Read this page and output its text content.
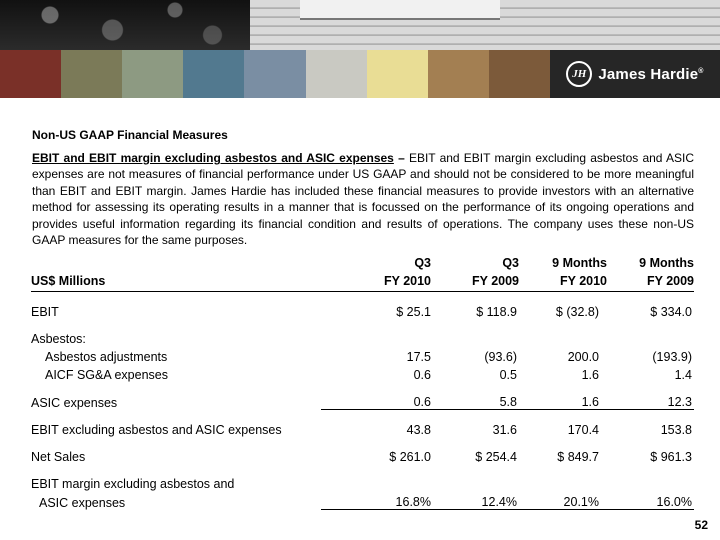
JH James Hardie®
Non-US GAAP Financial Measures
EBIT and EBIT margin excluding asbestos and ASIC expenses – EBIT and EBIT margin excluding asbestos and ASIC expenses are not measures of financial performance under US GAAP and should not be considered to be more meaningful than EBIT and EBIT margin. James Hardie has included these financial measures to provide investors with an alternative method for assessing its operating results in a manner that is focussed on the performance of its ongoing operations and provides useful information regarding its financial condition and results of operations. The company uses these non-US GAAP measures for the same purposes.
	Q3	Q3	9 Months	9 Months
US$ Millions	FY 2010	FY 2009	FY 2010	FY 2009

EBIT	$ 25.1	$ 118.9	$ (32.8)	$ 334.0

Asbestos:				
Asbestos adjustments	17.5	(93.6)	200.0	(193.9)
AICF SG&A expenses	0.6	0.5	1.6	1.4

ASIC expenses	0.6	5.8	1.6	12.3

EBIT excluding asbestos and ASIC expenses	43.8	31.6	170.4	153.8

Net Sales	$ 261.0	$ 254.4	$ 849.7	$ 961.3

EBIT margin excluding asbestos and				
ASIC expenses	16.8%	12.4%	20.1%	16.0%
52
